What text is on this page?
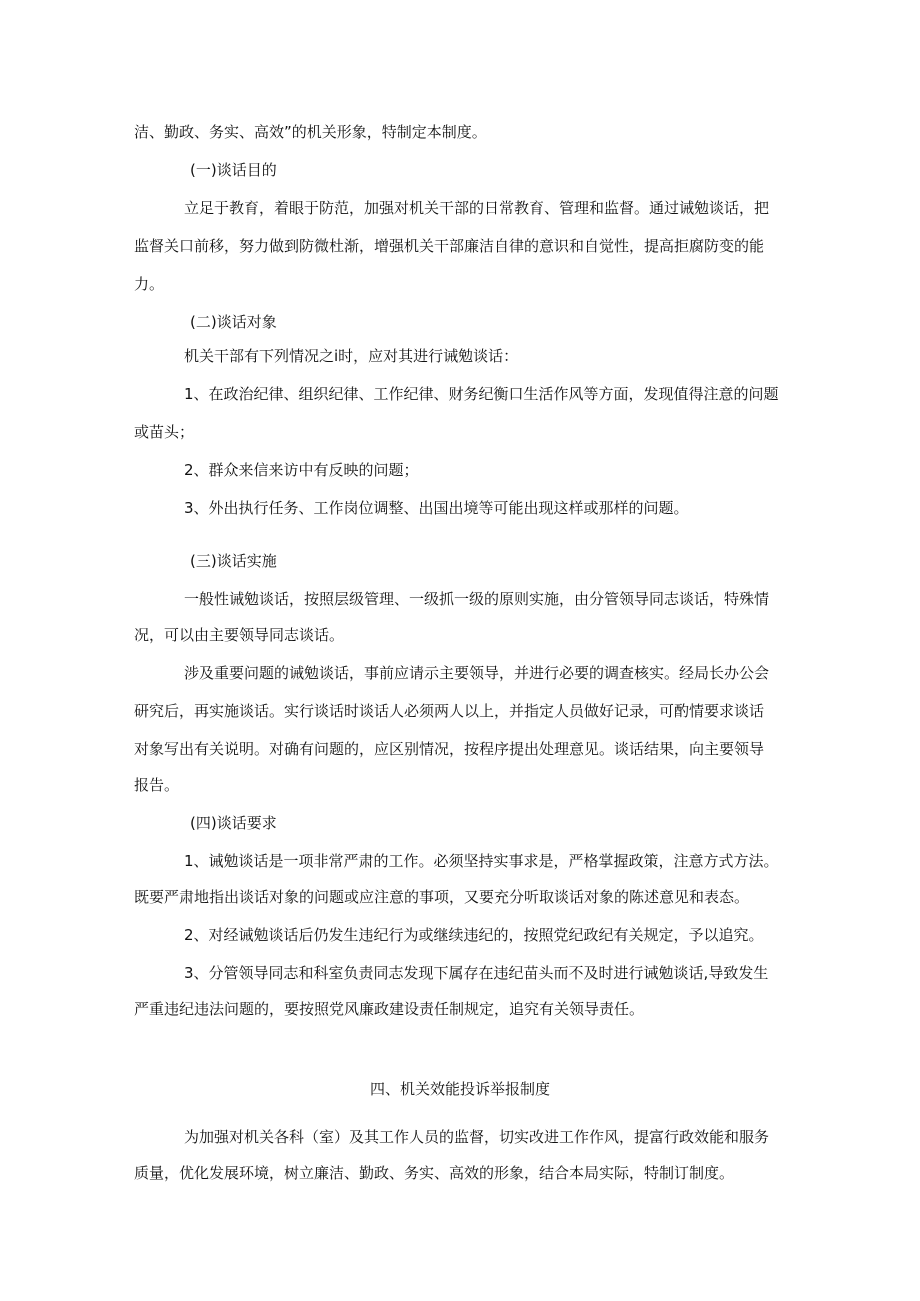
洁、勤政、务实、高效”的机关形象，特制定本制度。

(一)谈话目的

立足于教育，着眼于防范，加强对机关干部的日常教育、管理和监督。通过诫勉谈话，把

监督关口前移，努力做到防微杜渐，增强机关干部廉洁自律的意识和自觉性，提高拒腐防变的能

力。

(二)谈话对象

机关干部有下列情况之ⅰ时，应对其进行诫勉谈话：

1、在政治纪律、组织纪律、工作纪律、财务纪衡口生活作风等方面，发现值得注意的问题

或苗头；

2、群众来信来访中有反映的问题；

3、外出执行任务、工作岗位调整、出国出境等可能出现这样或那样的问题。

(三)谈话实施

一般性诫勉谈话，按照层级管理、一级抓一级的原则实施，由分管领导同志谈话，特殊情

况，可以由主要领导同志谈话。

涉及重要问题的诫勉谈话，事前应请示主要领导，并进行必要的调查核实。经局长办公会

研究后，再实施谈话。实行谈话时谈话人必须两人以上，并指定人员做好记录，可酌情要求谈话

对象写出有关说明。对确有问题的，应区别情况，按程序提出处理意见。谈话结果，向主要领导

报告。

(四)谈话要求

1、诫勉谈话是一项非常严肃的工作。必须坚持实事求是，严格掌握政策，注意方式方法。

既要严肃地指出谈话对象的问题或应注意的事项，又要充分听取谈话对象的陈述意见和表态。

2、对经诫勉谈话后仍发生违纪行为或继续违纪的，按照党纪政纪有关规定，予以追究。

3、分管领导同志和科室负责同志发现下属存在违纪苗头而不及时进行诫勉谈话,导致发生

严重违纪违法问题的，要按照党风廉政建设责任制规定，追究有关领导责任。

四、机关效能投诉举报制度

为加强对机关各科（室）及其工作人员的监督，切实改进工作作风，提富行政效能和服务

质量，优化发展环境，树立廉洁、勤政、务实、高效的形象，结合本局实际，特制订制度。
